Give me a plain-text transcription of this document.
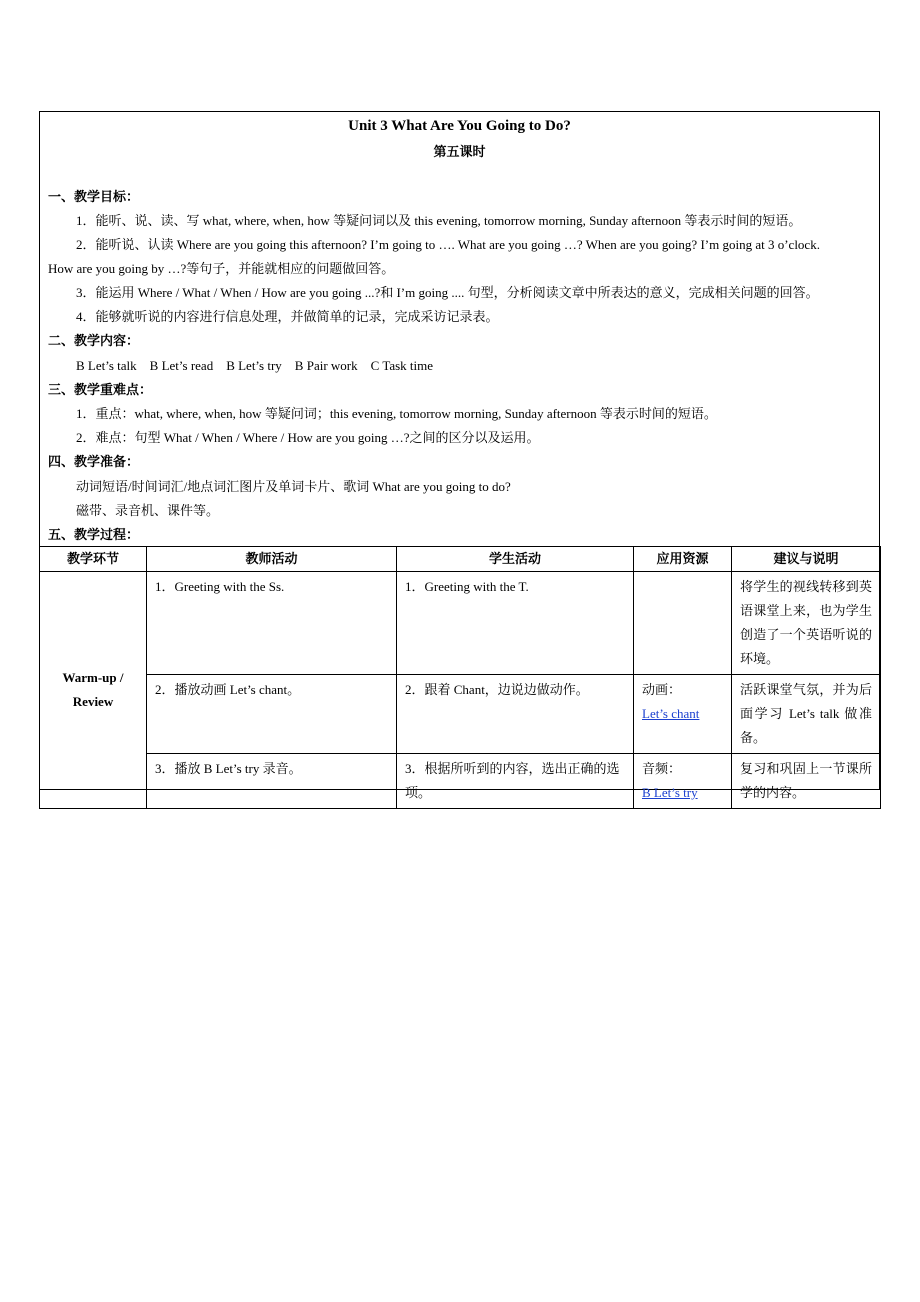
Unit 3 What Are You Going to Do?
第五课时
一、教学目标：
1．能听、说、读、写 what, where, when, how 等疑问词以及 this evening, tomorrow morning, Sunday afternoon 等表示时间的短语。
2．能听说、认读 Where are you going this afternoon? I’m going to …. What are you going …? When are you going? I’m going at 3 o’clock.
How are you going by …?等句子，并能就相应的问题做回答。
3．能运用 Where / What / When / How are you going ...?和 I’m going .... 句型，分析阅读文章中所表达的意义，完成相关问题的回答。
4．能够就听说的内容进行信息处理，并做简单的记录，完成采访记录表。
二、教学内容：
B Let’s talk    B Let’s read    B Let’s try    B Pair work    C Task time
三、教学重难点：
1．重点：what, where, when, how 等疑问词；this evening, tomorrow morning, Sunday afternoon 等表示时间的短语。
2．难点：句型 What / When / Where / How are you going …?之间的区分以及运用。
四、教学准备：
动词短语/时间词汇/地点词汇图片及单词卡片、歌词 What are you going to do?
磁带、录音机、课件等。
五、教学过程：
教学环节	教师活动	学生活动	应用资源	建议与说明
Warm-up / Review	1．Greeting with the Ss.	1．Greeting with the T.		将学生的视线转移到英语课堂上来，也为学生创造了一个英语听说的环境。
	2．播放动画 Let’s chant。	2．跟着 Chant，边说边做动作。	动画：
Let’s chant	活跃课堂气氛，并为后面学习 Let’s talk 做准备。
	3．播放 B Let’s try 录音。	3．根据所听到的内容，选出正确的选项。	音频：
B Let’s try	复习和巩固上一节课所学的内容。
